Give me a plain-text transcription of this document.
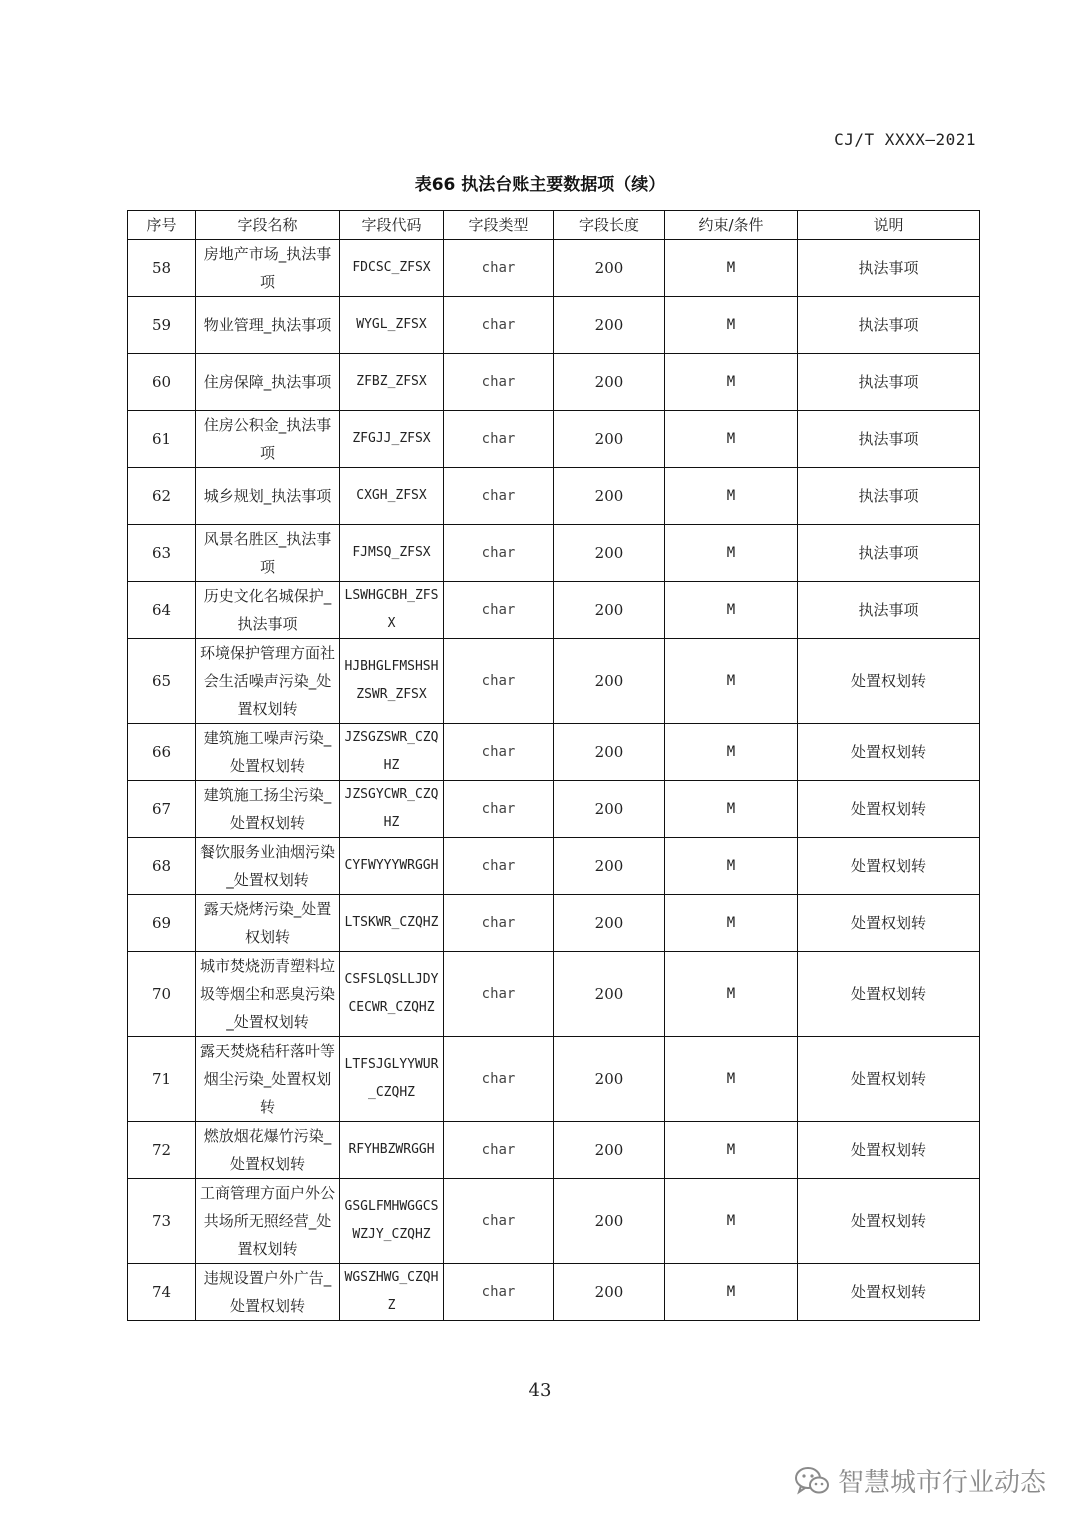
CJ/T XXXX—2021
表66 执法台账主要数据项（续）
序号	字段名称	字段代码	字段类型	字段长度	约束/条件	说明
58	房地产市场_执法事项	FDCSC_ZFSX	char	200	M	执法事项
59	物业管理_执法事项	WYGL_ZFSX	char	200	M	执法事项
60	住房保障_执法事项	ZFBZ_ZFSX	char	200	M	执法事项
61	住房公积金_执法事项	ZFGJJ_ZFSX	char	200	M	执法事项
62	城乡规划_执法事项	CXGH_ZFSX	char	200	M	执法事项
63	风景名胜区_执法事项	FJMSQ_ZFSX	char	200	M	执法事项
64	历史文化名城保护_执法事项	LSWHGCBH_ZFSX	char	200	M	执法事项
65	环境保护管理方面社会生活噪声污染_处置权划转	HJBHGLFMSHSHZSWR_ZFSX	char	200	M	处置权划转
66	建筑施工噪声污染_处置权划转	JZSGZSWR_CZQHZ	char	200	M	处置权划转
67	建筑施工扬尘污染_处置权划转	JZSGYCWR_CZQHZ	char	200	M	处置权划转
68	餐饮服务业油烟污染_处置权划转	CYFWYYYWRGGH	char	200	M	处置权划转
69	露天烧烤污染_处置权划转	LTSKWR_CZQHZ	char	200	M	处置权划转
70	城市焚烧沥青塑料垃圾等烟尘和恶臭污染_处置权划转	CSFSLQSLLJDYCECWR_CZQHZ	char	200	M	处置权划转
71	露天焚烧秸秆落叶等烟尘污染_处置权划转	LTFSJGLYYWUR_CZQHZ	char	200	M	处置权划转
72	燃放烟花爆竹污染_处置权划转	RFYHBZWRGGH	char	200	M	处置权划转
73	工商管理方面户外公共场所无照经营_处置权划转	GSGLFMHWGGCSWZJY_CZQHZ	char	200	M	处置权划转
74	违规设置户外广告_处置权划转	WGSZHWG_CZQHZ	char	200	M	处置权划转
43
智慧城市行业动态
